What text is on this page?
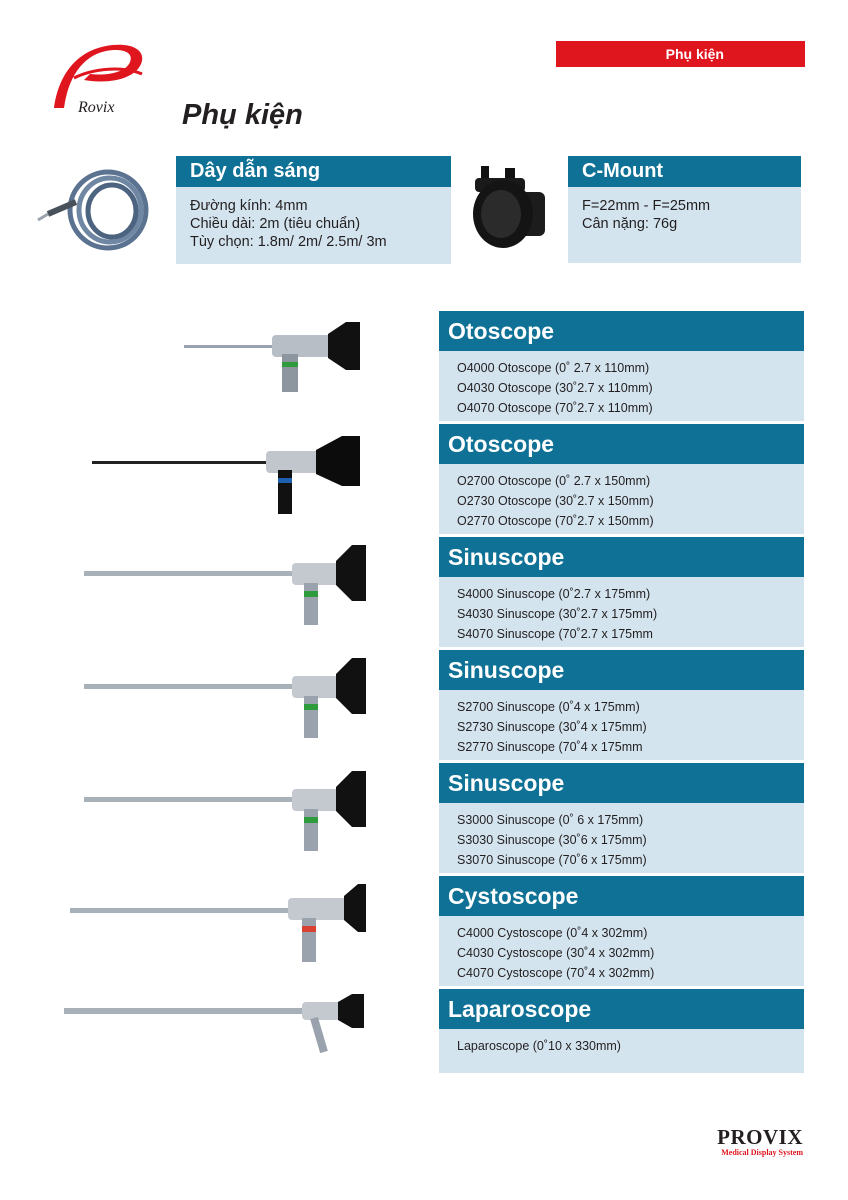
Phụ kiện
Rovix Phụ kiện
Dây dẫn sáng
Đường kính: 4mm
Chiều dài: 2m (tiêu chuẩn)
Tùy chọn: 1.8m/ 2m/ 2.5m/ 3m
C-Mount
F=22mm - F=25mm
Cân nặng: 76g
Otoscope
O4000 Otoscope (0˚ 2.7 x 110mm)
O4030 Otoscope (30˚2.7 x 110mm)
O4070 Otoscope (70˚2.7 x 110mm)
Otoscope
O2700 Otoscope (0˚ 2.7 x 150mm)
O2730 Otoscope (30˚2.7 x 150mm)
O2770 Otoscope (70˚2.7 x 150mm)
Sinuscope
S4000 Sinuscope (0˚2.7 x 175mm)
S4030 Sinuscope (30˚2.7 x 175mm)
S4070 Sinuscope (70˚2.7 x 175mm
Sinuscope
S2700 Sinuscope (0˚4 x 175mm)
S2730 Sinuscope (30˚4 x 175mm)
S2770 Sinuscope (70˚4 x 175mm
Sinuscope
S3000 Sinuscope (0˚ 6 x 175mm)
S3030 Sinuscope (30˚6 x 175mm)
S3070 Sinuscope (70˚6 x 175mm)
Cystoscope
C4000 Cystoscope (0˚4 x 302mm)
C4030 Cystoscope (30˚4 x 302mm)
C4070 Cystoscope (70˚4 x 302mm)
Laparoscope
Laparoscope (0˚10 x 330mm)
PROVIX
Medical Display System
